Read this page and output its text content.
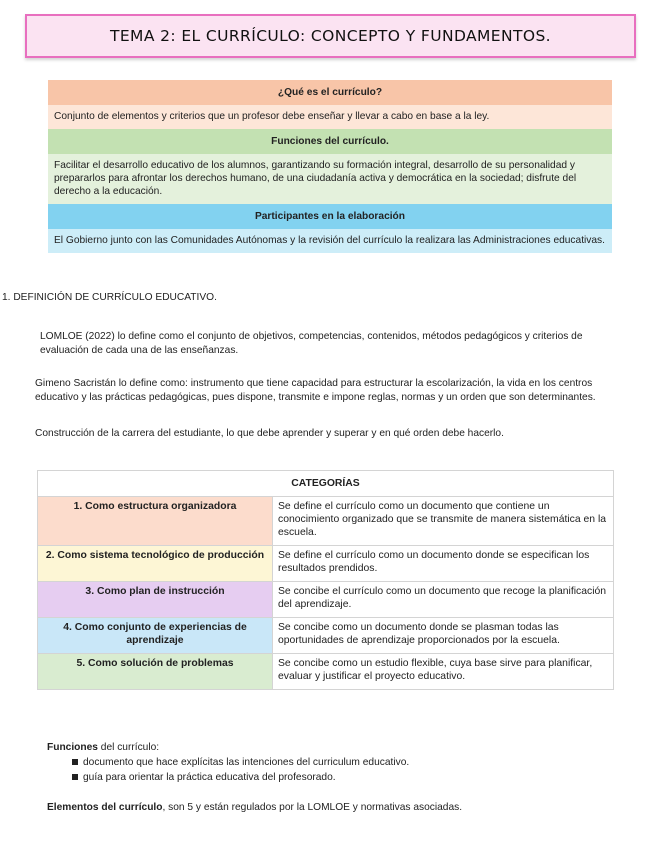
TEMA 2: EL CURRÍCULO: CONCEPTO Y FUNDAMENTOS.
¿Qué es el currículo?
Conjunto de elementos y criterios que un profesor debe enseñar y llevar a cabo en base a la ley.
Funciones del currículo.
Facilitar el desarrollo educativo de los alumnos, garantizando su formación integral, desarrollo de su personalidad y prepararlos para afrontar los derechos humano, de una ciudadanía activa y democrática en la sociedad; disfrute del derecho a la educación.
Participantes en la elaboración
El Gobierno junto con las Comunidades Autónomas y la revisión del currículo la realizara las Administraciones educativas.
1. DEFINICIÓN DE CURRÍCULO EDUCATIVO.
LOMLOE (2022) lo define como el conjunto de objetivos, competencias, contenidos, métodos pedagógicos y criterios de evaluación de cada una de las enseñanzas.
Gimeno Sacristán lo define como: instrumento que tiene capacidad para estructurar la escolarización, la vida en los centros educativo y las prácticas pedagógicas, pues dispone, transmite e impone reglas, normas y un orden que son determinantes.
Construcción de la carrera del estudiante, lo que debe aprender y superar y en qué orden debe hacerlo.
CATEGORÍAS	
1. Como estructura organizadora	Se define el currículo como un documento que contiene un conocimiento organizado que se transmite de manera sistemática en la escuela.
2. Como sistema tecnológico de producción	Se define el currículo como un documento donde se especifican los resultados prendidos.
3. Como plan de instrucción	Se concibe el currículo como un documento que recoge la planificación del aprendizaje.
4. Como conjunto de experiencias de aprendizaje	Se concibe como un documento donde se plasman todas las oportunidades de aprendizaje proporcionados por la escuela.
5. Como solución de problemas	Se concibe como un estudio flexible, cuya base sirve para planificar, evaluar y justificar el proyecto educativo.
Funciones del currículo:
documento que hace explícitas las intenciones del curriculum educativo.
guía para orientar la práctica educativa del profesorado.
Elementos del currículo, son 5 y están regulados por la LOMLOE y normativas asociadas.
